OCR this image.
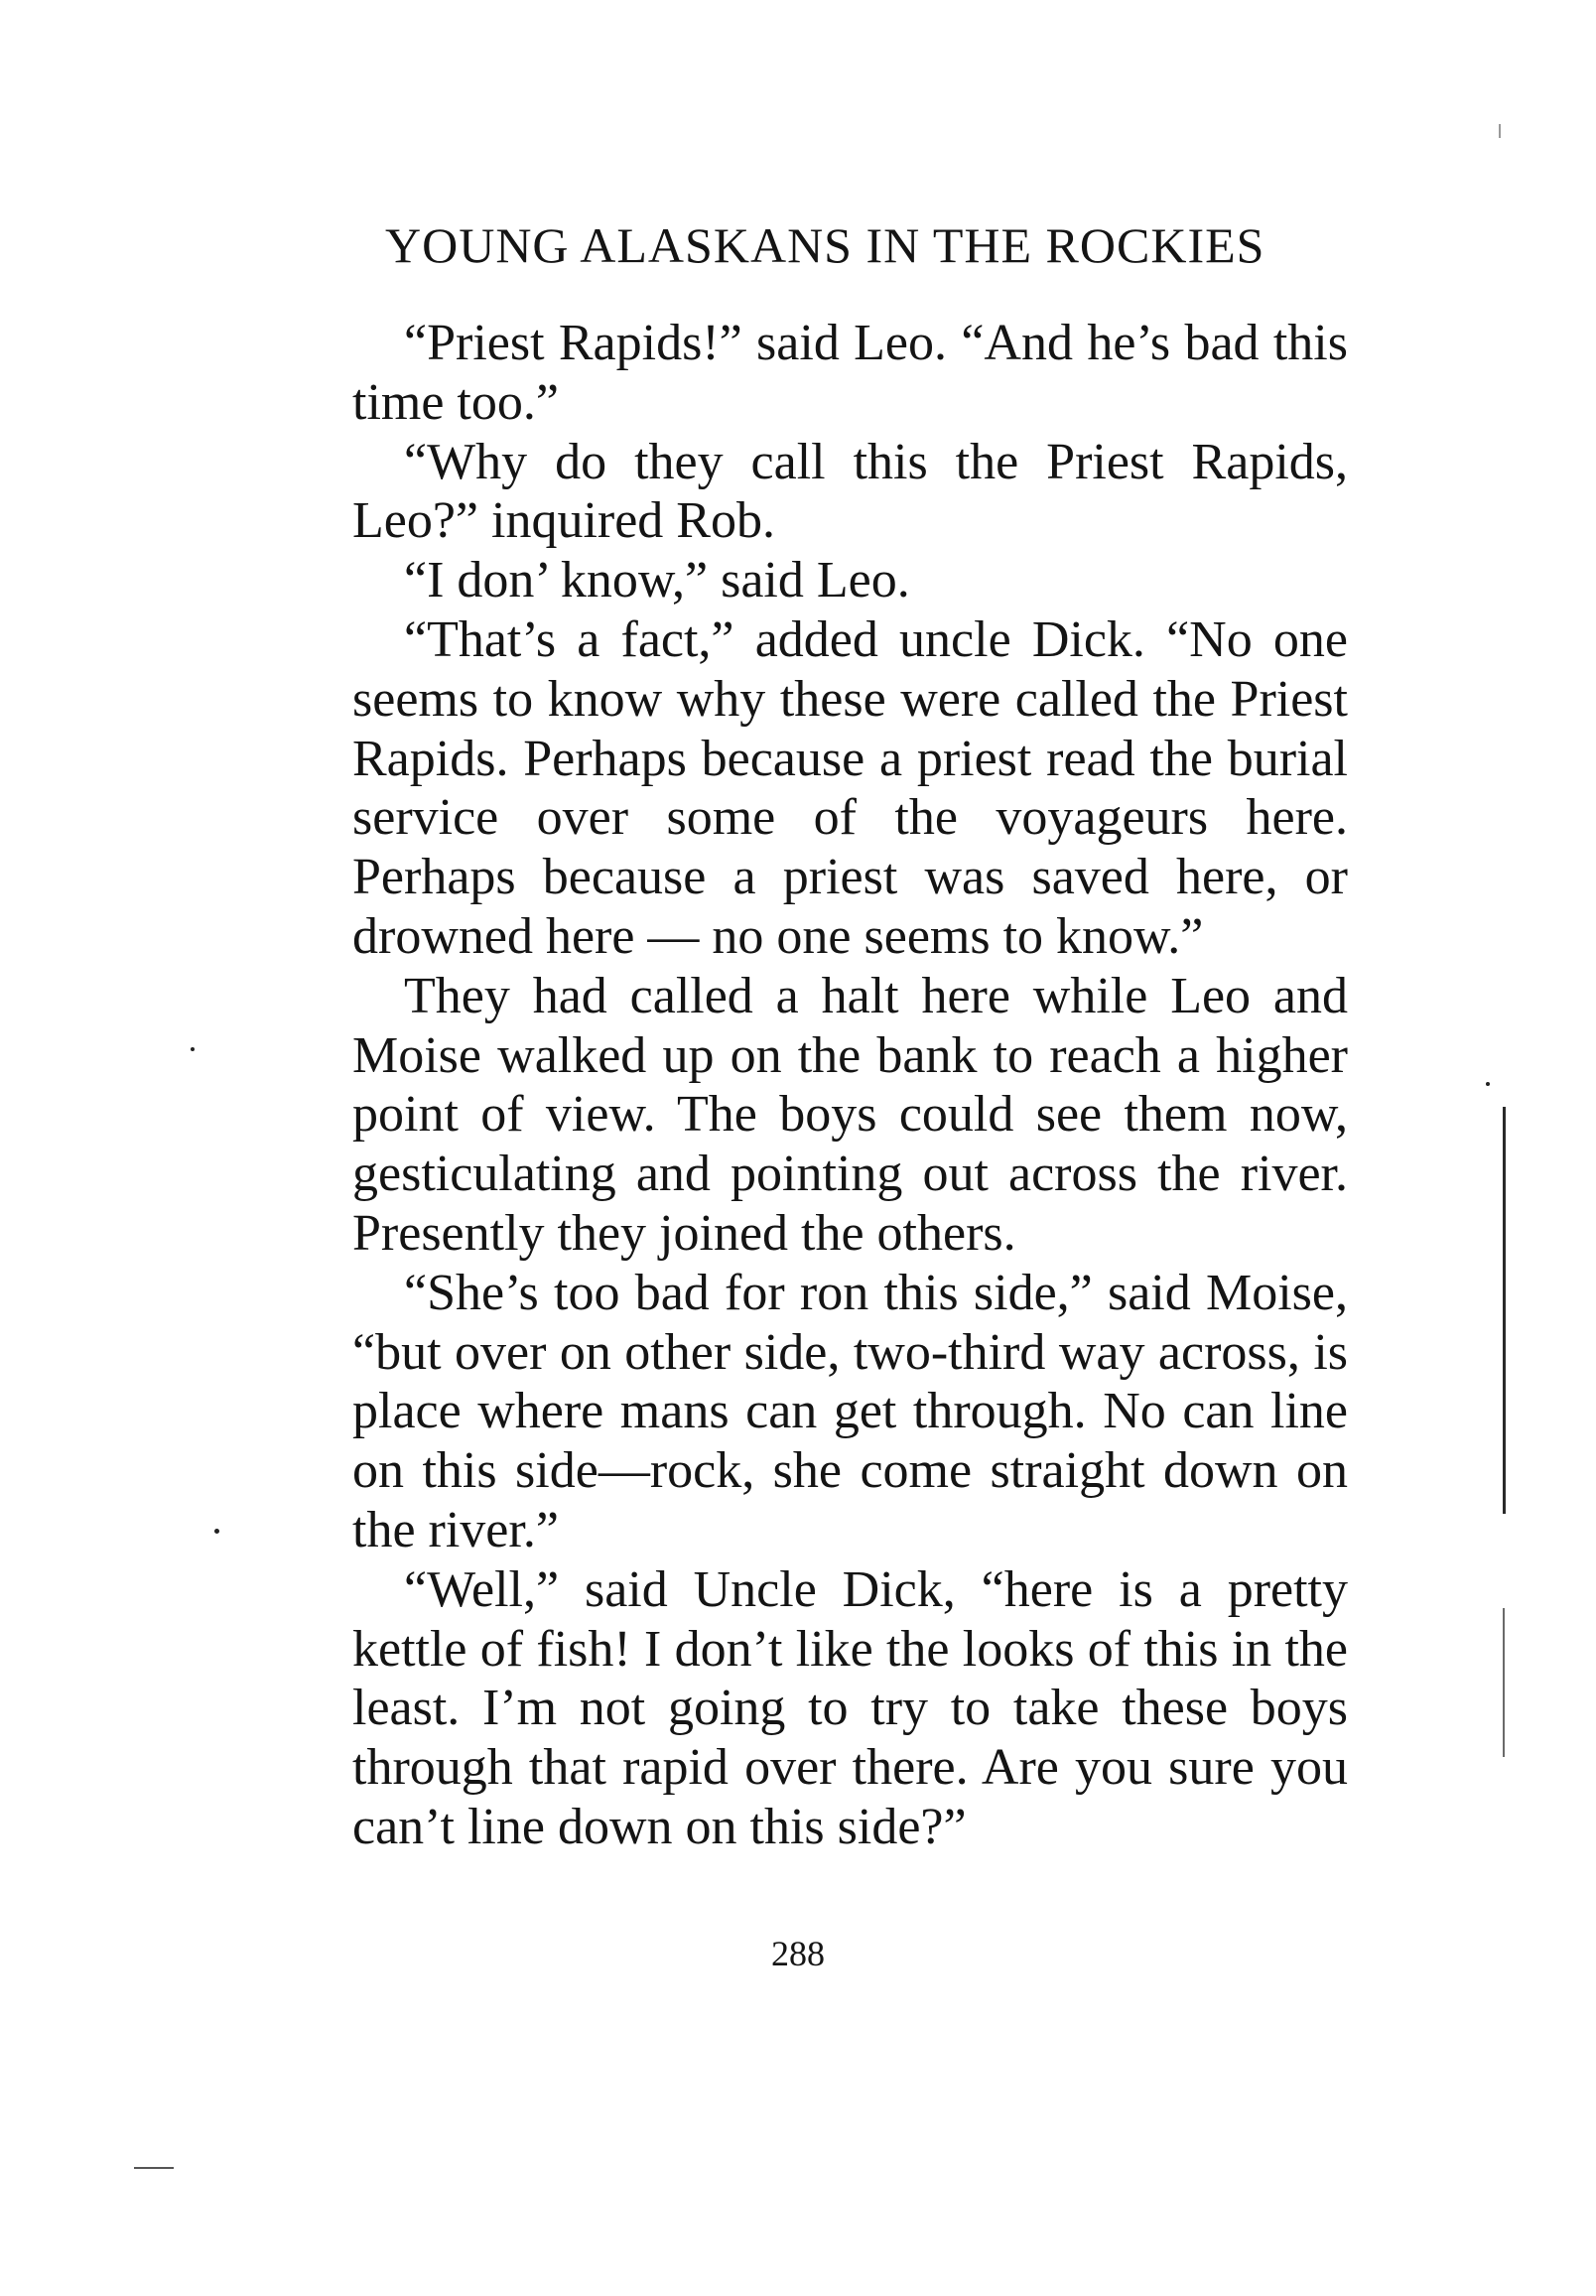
YOUNG ALASKANS IN THE ROCKIES

“Priest Rapids!” said Leo. “And he’s bad this time too.”

“Why do they call this the Priest Rapids, Leo?” inquired Rob.

“I don’ know,” said Leo.

“That’s a fact,” added uncle Dick. “No one seems to know why these were called the Priest Rapids. Perhaps because a priest read the burial service over some of the voyageurs here. Perhaps because a priest was saved here, or drowned here — no one seems to know.”

They had called a halt here while Leo and Moise walked up on the bank to reach a higher point of view. The boys could see them now, gesticulating and pointing out across the river. Presently they joined the others.

“She’s too bad for ron this side,” said Moise, “but over on other side, two-third way across, is place where mans can get through. No can line on this side—rock, she come straight down on the river.”

“Well,” said Uncle Dick, “here is a pretty kettle of fish! I don’t like the looks of this in the least. I’m not going to try to take these boys through that rapid over there. Are you sure you can’t line down on this side?”

288
